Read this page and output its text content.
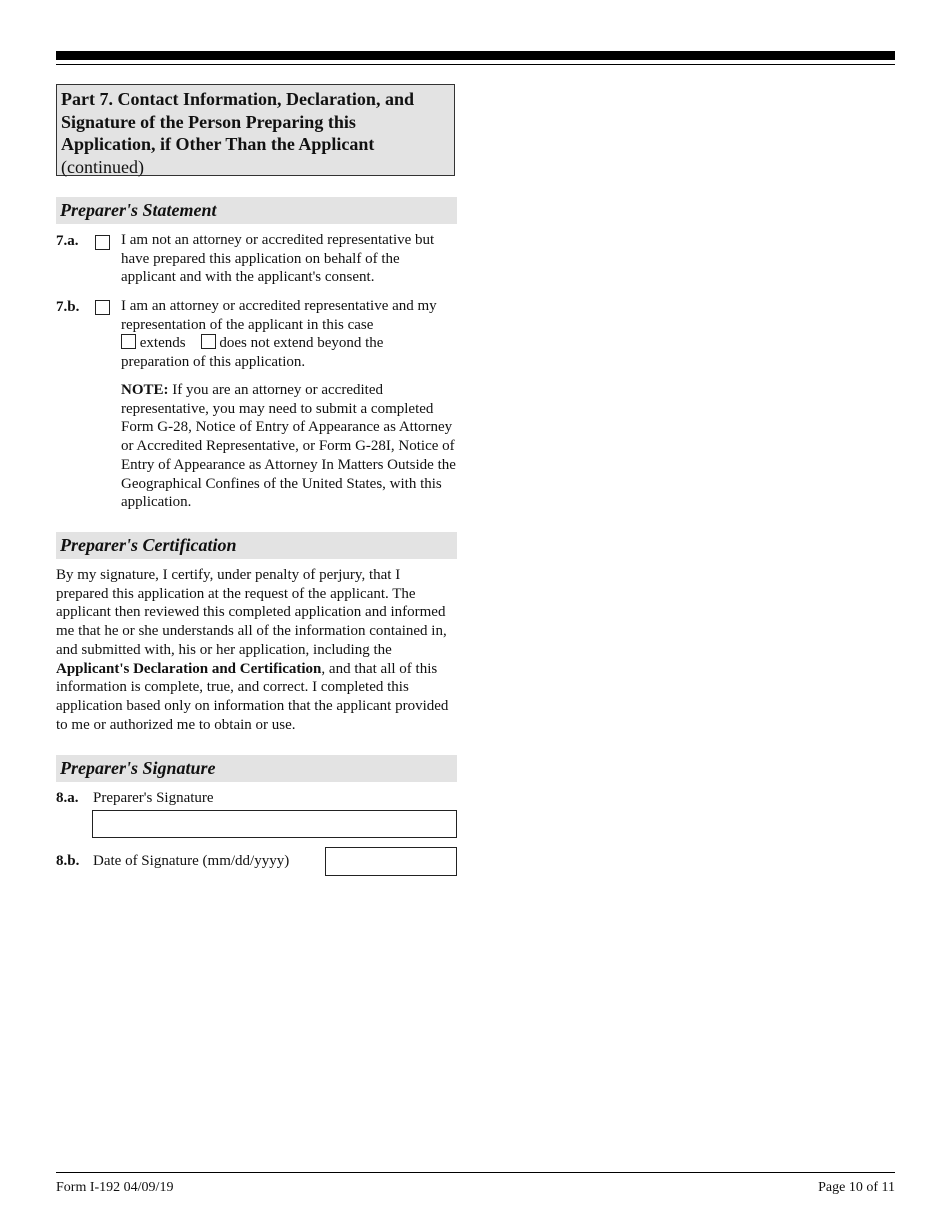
Part 7. Contact Information, Declaration, and Signature of the Person Preparing this Application, if Other Than the Applicant
(continued)
Preparer's Statement
7.a.	I am not an attorney or accredited representative but have prepared this application on behalf of the applicant and with the applicant's consent.
7.b.	I am an attorney or accredited representative and my representation of the applicant in this case
extends does not extend beyond the
preparation of this application.
NOTE: If you are an attorney or accredited representative, you may need to submit a completed Form G-28, Notice of Entry of Appearance as Attorney or Accredited Representative, or Form G-28I, Notice of Entry of Appearance as Attorney In Matters Outside the Geographical Confines of the United States, with this application.
Preparer's Certification
By my signature, I certify, under penalty of perjury, that I prepared this application at the request of the applicant. The applicant then reviewed this completed application and informed me that he or she understands all of the information contained in, and submitted with, his or her application, including the Applicant's Declaration and Certification, and that all of this information is complete, true, and correct. I completed this application based only on information that the applicant provided to me or authorized me to obtain or use.
Preparer's Signature
8.a. Preparer's Signature
8.b. Date of Signature (mm/dd/yyyy)
Form I-192 04/09/19	Page 10 of 11
